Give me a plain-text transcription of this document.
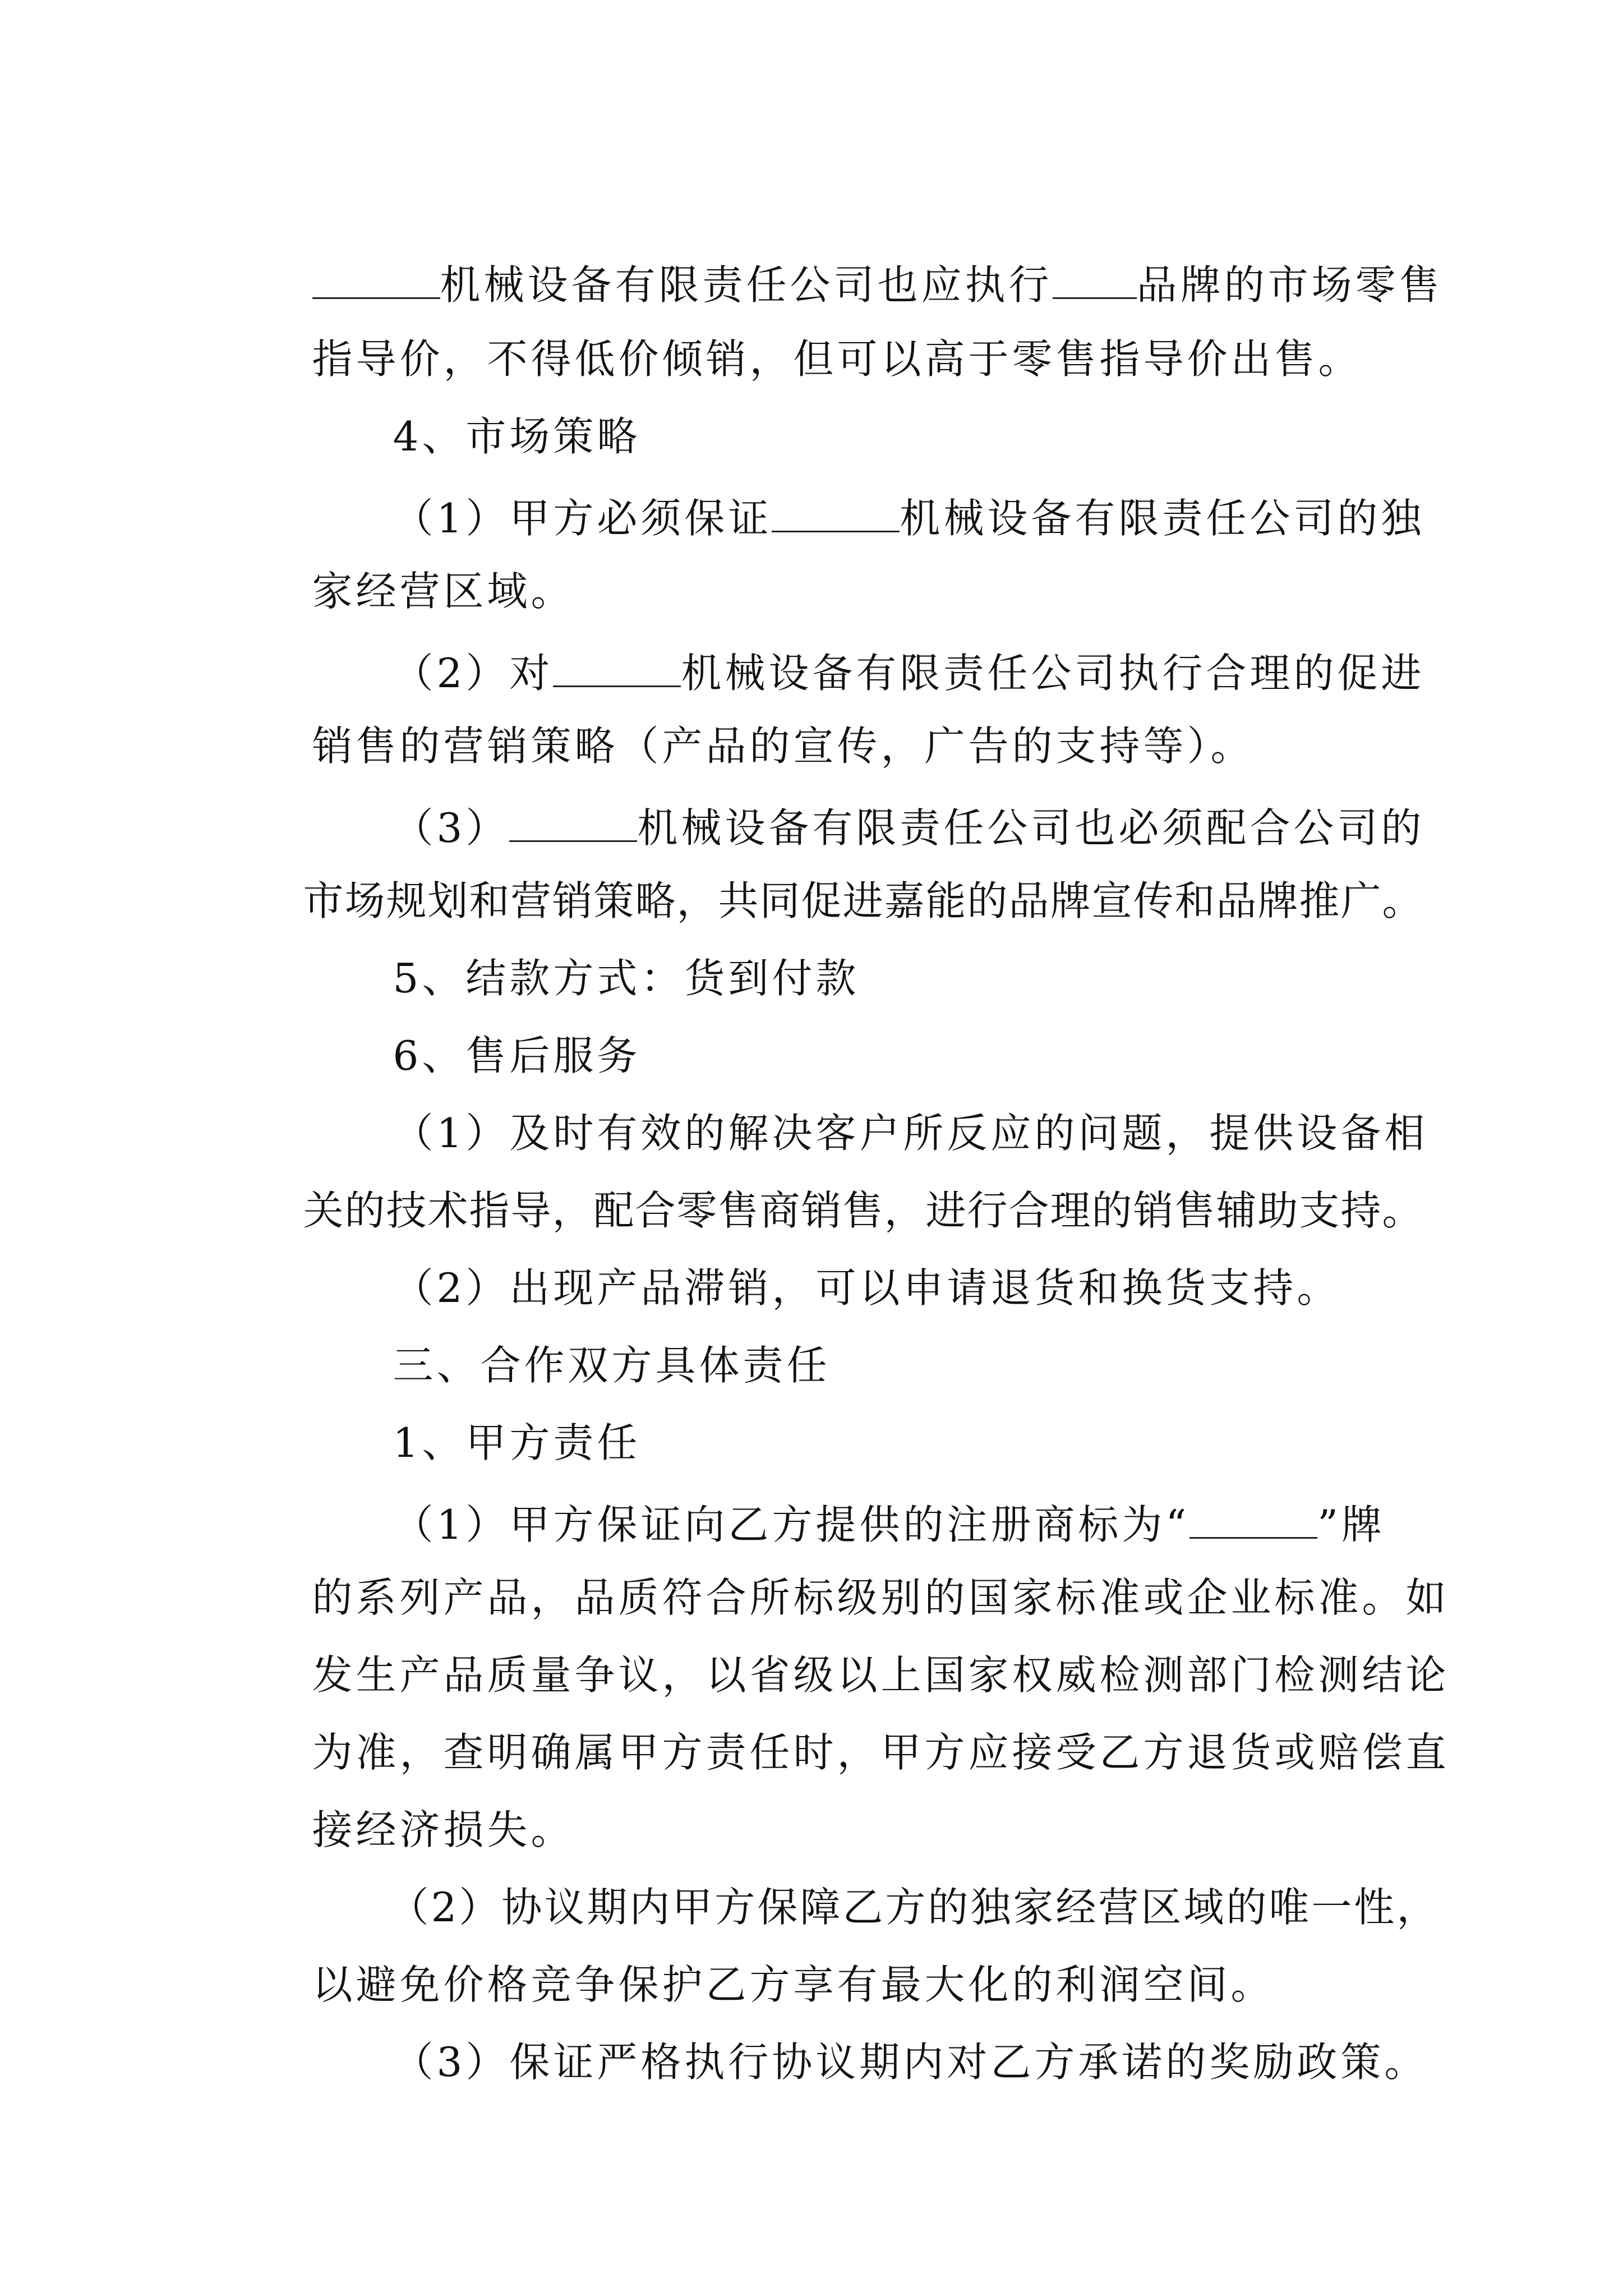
机械设备有限责任公司也应执行 品牌的市场零售

指导价，不得低价倾销，但可以高于零售指导价出售。

4、市场策略

（1）甲方必须保证	机械设备有限责任公司的独

家经营区域。

（2）对	机械设备有限责任公司执行合理的促进

销售的营销策略（产品的宣传，广告的支持等）。

（3）	机械设备有限责任公司也必须配合公司的

市场规划和营销策略，共同促进嘉能的品牌宣传和品牌推广。

5、结款方式：货到付款

6、售后服务

（1）及时有效的解决客户所反应的问题，提供设备相

关的技术指导，配合零售商销售，进行合理的销售辅助支持。

（2）出现产品滞销，可以申请退货和换货支持。

三、合作双方具体责任

1、甲方责任

（1）甲方保证向乙方提供的注册商标为“	”牌

的系列产品，品质符合所标级别的国家标准或企业标准。如

发生产品质量争议，以省级以上国家权威检测部门检测结论

为准，查明确属甲方责任时，甲方应接受乙方退货或赔偿直

接经济损失。

（2）协议期内甲方保障乙方的独家经营区域的唯一性，

以避免价格竞争保护乙方享有最大化的利润空间。

（3）保证严格执行协议期内对乙方承诺的奖励政策。
